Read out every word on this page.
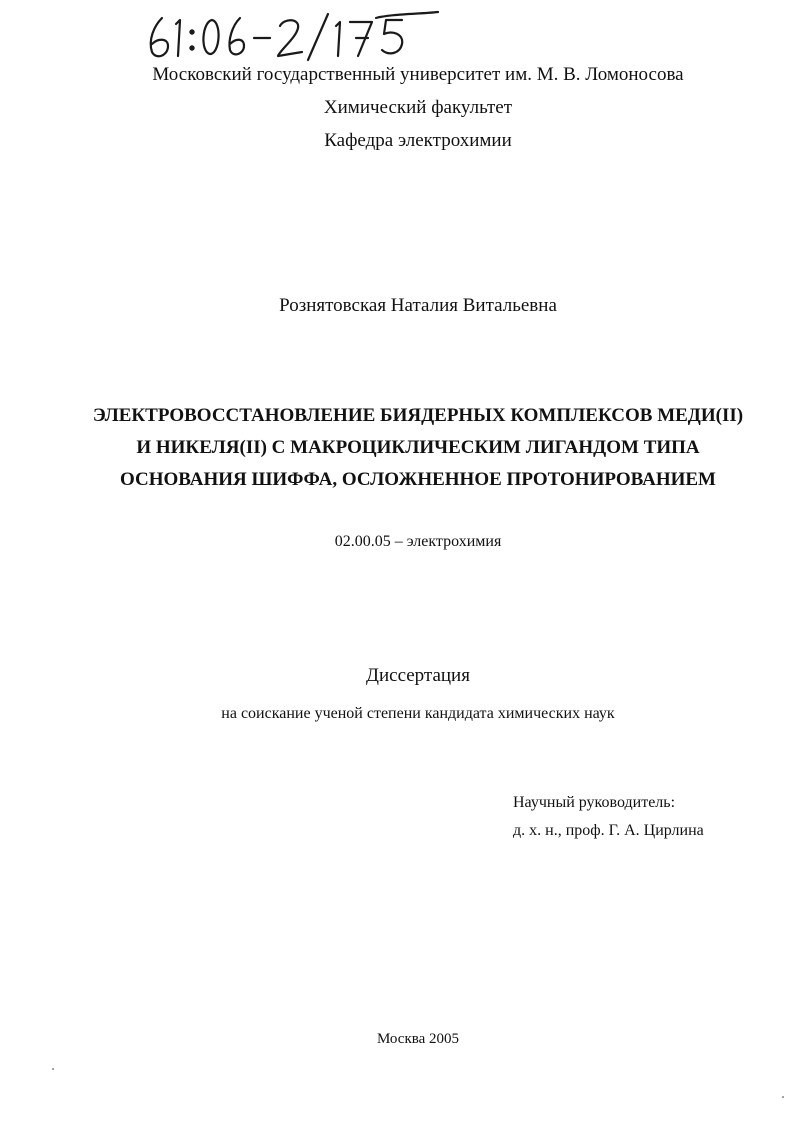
Московский государственный университет им. М. В. Ломоносова
Химический факультет
Кафедра электрохимии
Рознятовская Наталия Витальевна
ЭЛЕКТРОВОССТАНОВЛЕНИЕ БИЯДЕРНЫХ КОМПЛЕКСОВ МЕДИ(II)
И НИКЕЛЯ(II) С МАКРОЦИКЛИЧЕСКИМ ЛИГАНДОМ ТИПА
ОСНОВАНИЯ ШИФФА, ОСЛОЖНЕННОЕ ПРОТОНИРОВАНИЕМ
02.00.05 – электрохимия
Диссертация
на соискание ученой степени кандидата химических наук
Научный руководитель:
д. х. н., проф. Г. А. Цирлина
Москва 2005
